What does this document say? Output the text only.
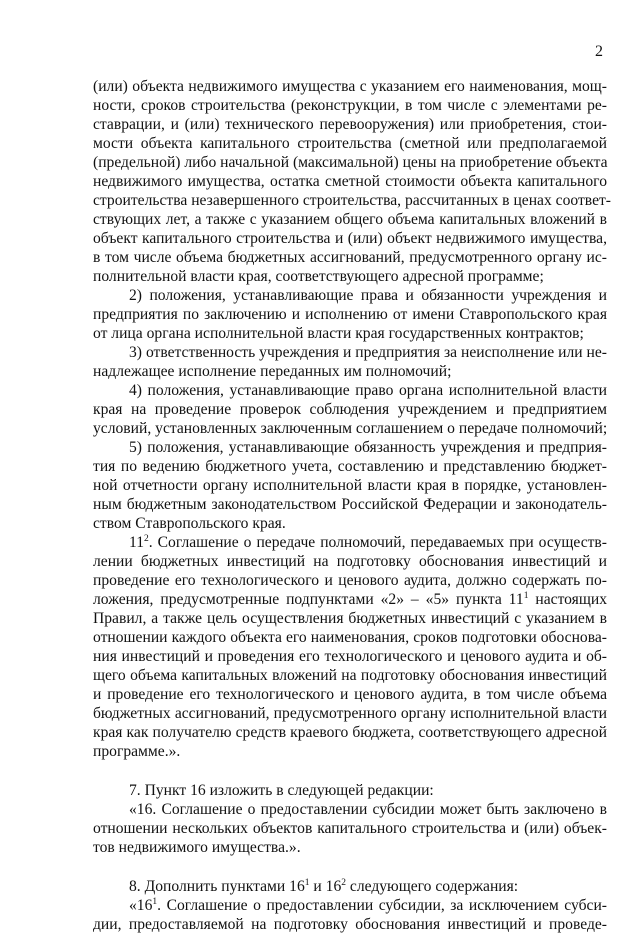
2
(или) объекта недвижимого имущества с указанием его наименования, мощ-
ности, сроков строительства (реконструкции, в том числе с элементами ре-
ставрации, и (или) технического перевооружения) или приобретения, стои-
мости объекта капитального строительства (сметной или предполагаемой
(предельной) либо начальной (максимальной) цены на приобретение объекта
недвижимого имущества, остатка сметной стоимости объекта капитального
строительства незавершенного строительства, рассчитанных в ценах соответ-
ствующих лет, а также с указанием общего объема капитальных вложений в
объект капитального строительства и (или) объект недвижимого имущества,
в том числе объема бюджетных ассигнований, предусмотренного органу ис-
полнительной власти края, соответствующего адресной программе;
2) положения, устанавливающие права и обязанности учреждения и
предприятия по заключению и исполнению от имени Ставропольского края
от лица органа исполнительной власти края государственных контрактов;
3) ответственность учреждения и предприятия за неисполнение или не-
надлежащее исполнение переданных им полномочий;
4) положения, устанавливающие право органа исполнительной власти
края на проведение проверок соблюдения учреждением и предприятием
условий, установленных заключенным соглашением о передаче полномочий;
5) положения, устанавливающие обязанность учреждения и предприя-
тия по ведению бюджетного учета, составлению и представлению бюджет-
ной отчетности органу исполнительной власти края в порядке, установлен-
ным бюджетным законодательством Российской Федерации и законодатель-
ством Ставропольского края.
$11^2$. Соглашение о передаче полномочий, передаваемых при осуществ-
лении бюджетных инвестиций на подготовку обоснования инвестиций и
проведение его технологического и ценового аудита, должно содержать по-
ложения, предусмотренные подпунктами «2» – «5» пункта $11^1$ настоящих
Правил, а также цель осуществления бюджетных инвестиций с указанием в
отношении каждого объекта его наименования, сроков подготовки обоснова-
ния инвестиций и проведения его технологического и ценового аудита и об-
щего объема капитальных вложений на подготовку обоснования инвестиций
и проведение его технологического и ценового аудита, в том числе объема
бюджетных ассигнований, предусмотренного органу исполнительной власти
края как получателю средств краевого бюджета, соответствующего адресной
программе.».
7. Пункт 16 изложить в следующей редакции:
«16. Соглашение о предоставлении субсидии может быть заключено в
отношении нескольких объектов капитального строительства и (или) объек-
тов недвижимого имущества.».
8. Дополнить пунктами $16^1$ и $16^2$ следующего содержания:
«$16^1$. Соглашение о предоставлении субсидии, за исключением субси-
дии, предоставляемой на подготовку обоснования инвестиций и проведе-
